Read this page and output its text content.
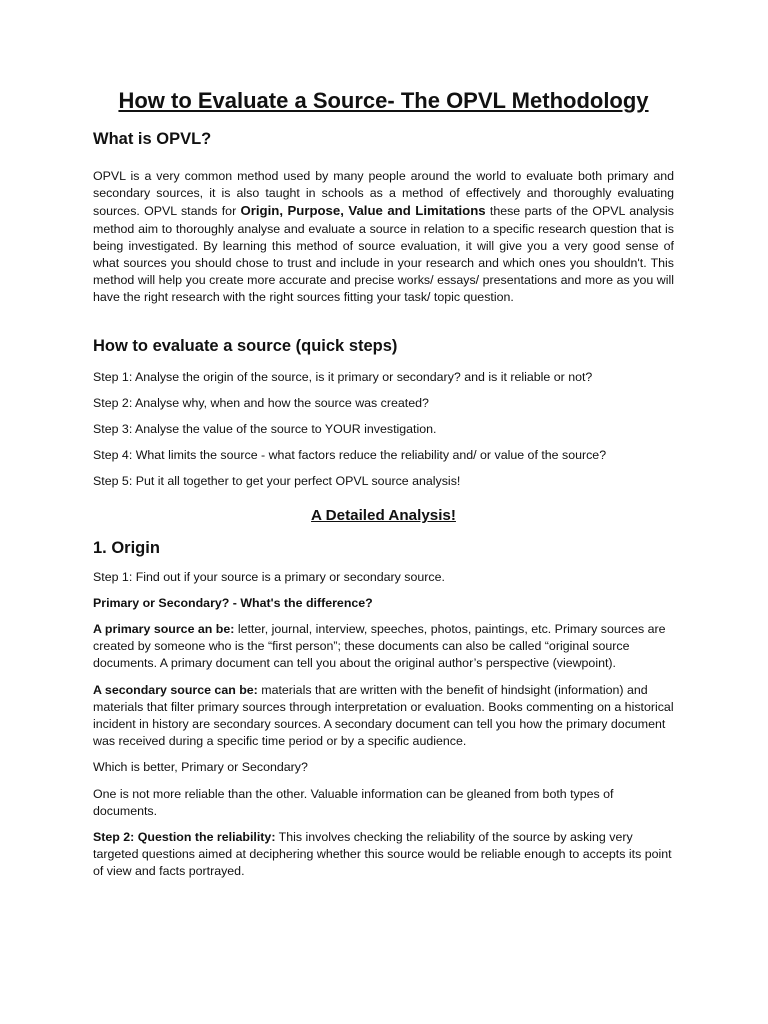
How to Evaluate a Source- The OPVL Methodology
What is OPVL?

OPVL is a very common method used by many people around the world to evaluate both primary and secondary sources, it is also taught in schools as a method of effectively and thoroughly evaluating sources. OPVL stands for Origin, Purpose, Value and Limitations these parts of the OPVL analysis method aim to thoroughly analyse and evaluate a source in relation to a specific research question that is being investigated. By learning this method of source evaluation, it will give you a very good sense of what sources you should chose to trust and include in your research and which ones you shouldn't. This method will help you create more accurate and precise works/ essays/ presentations and more as you will have the right research with the right sources fitting your task/ topic question.

How to evaluate a source (quick steps)

Step 1: Analyse the origin of the source, is it primary or secondary? and is it reliable or not?

Step 2: Analyse why, when and how the source was created?

Step 3: Analyse the value of the source to YOUR investigation.

Step 4: What limits the source - what factors reduce the reliability and/ or value of the source?

Step 5: Put it all together to get your perfect OPVL source analysis!

A Detailed Analysis!
1. Origin

Step 1: Find out if your source is a primary or secondary source.

Primary or Secondary? - What's the difference?

A primary source an be: letter, journal, interview, speeches, photos, paintings, etc. Primary sources are created by someone who is the “first person”; these documents can also be called “original source documents. A primary document can tell you about the original author’s perspective (viewpoint).

A secondary source can be: materials that are written with the benefit of hindsight (information) and materials that filter primary sources through interpretation or evaluation. Books commenting on a historical incident in history are secondary sources. A secondary document can tell you how the primary document was received during a specific time period or by a specific audience.

Which is better, Primary or Secondary?

One is not more reliable than the other. Valuable information can be gleaned from both types of documents.

Step 2: Question the reliability: This involves checking the reliability of the source by asking very targeted questions aimed at deciphering whether this source would be reliable enough to accepts its point of view and facts portrayed.
